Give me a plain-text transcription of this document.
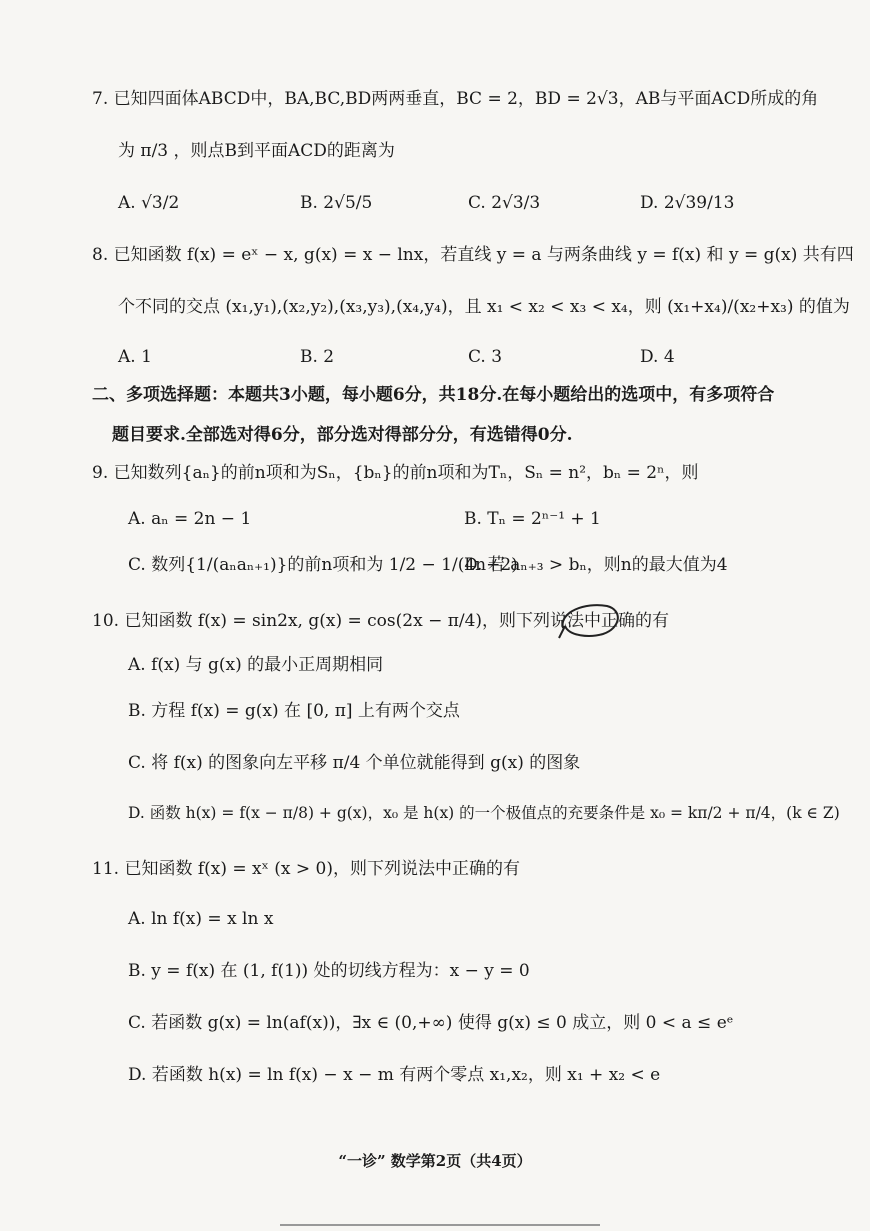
7. 已知四面体ABCD中，BA,BC,BD两两垂直，BC = 2，BD = 2√3，AB与平面ACD所成的角
为 π/3 ，则点B到平面ACD的距离为
A. √3/2	B. 2√5/5	C. 2√3/3	D. 2√39/13
8. 已知函数 f(x) = eˣ − x, g(x) = x − lnx，若直线 y = a 与两条曲线 y = f(x) 和 y = g(x) 共有四
个不同的交点 (x₁,y₁),(x₂,y₂),(x₃,y₃),(x₄,y₄)，且 x₁ < x₂ < x₃ < x₄，则 (x₁+x₄)/(x₂+x₃) 的值为
A. 1	B. 2	C. 3	D. 4
二、多项选择题：本题共3小题，每小题6分，共18分.在每小题给出的选项中，有多项符合
题目要求.全部选对得6分，部分选对得部分分，有选错得0分.
9. 已知数列{aₙ}的前n项和为Sₙ，{bₙ}的前n项和为Tₙ，Sₙ = n²，bₙ = 2ⁿ，则
A. aₙ = 2n − 1	B. Tₙ = 2ⁿ⁻¹ + 1
C. 数列{1/(aₙaₙ₊₁)}的前n项和为 1/2 − 1/(4n+2)
D. 若 aₙ₊₃ > bₙ，则n的最大值为4
10. 已知函数 f(x) = sin2x, g(x) = cos(2x − π/4)，则下列说法中正确的有
A. f(x) 与 g(x) 的最小正周期相同
B. 方程 f(x) = g(x) 在 [0, π] 上有两个交点
C. 将 f(x) 的图象向左平移 π/4 个单位就能得到 g(x) 的图象
D. 函数 h(x) = f(x − π/8) + g(x)，x₀ 是 h(x) 的一个极值点的充要条件是 x₀ = kπ/2 + π/4，(k ∈ Z)
11. 已知函数 f(x) = xˣ (x > 0)，则下列说法中正确的有
A. ln f(x) = x ln x
B. y = f(x) 在 (1, f(1)) 处的切线方程为：x − y = 0
C. 若函数 g(x) = ln(af(x))，∃x ∈ (0,+∞) 使得 g(x) ≤ 0 成立，则 0 < a ≤ eᵉ
D. 若函数 h(x) = ln f(x) − x − m 有两个零点 x₁,x₂，则 x₁ + x₂ < e
“一诊” 数学第2页（共4页）
